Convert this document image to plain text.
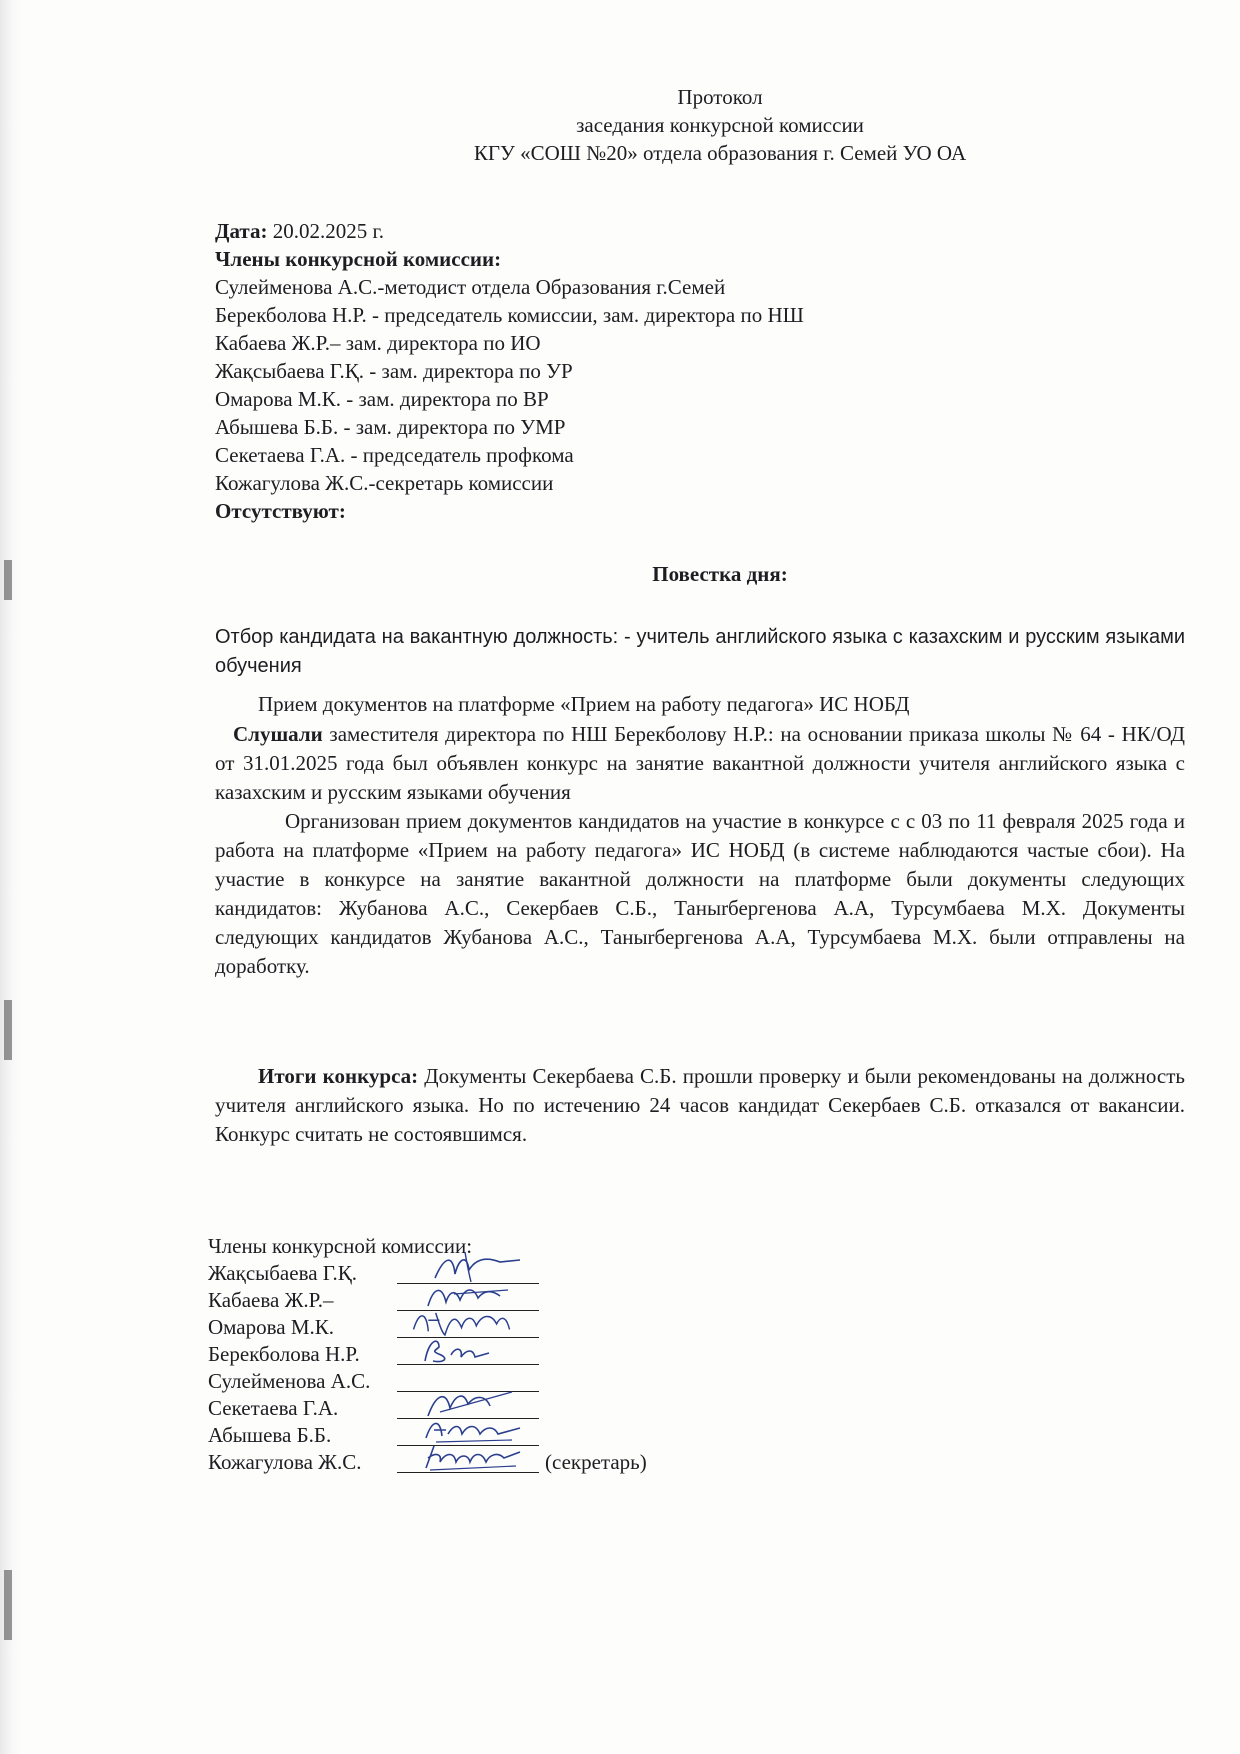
Протокол
заседания конкурсной комиссии
КГУ «СОШ №20» отдела образования г. Семей УО ОА
Дата: 20.02.2025 г.
Члены конкурсной комиссии:
Сулейменова А.С.-методист отдела Образования г.Семей
Берекболова Н.Р. - председатель комиссии, зам. директора по НШ
Кабаева Ж.Р.– зам. директора по ИО
Жақсыбаева Г.Қ. - зам. директора по УР
Омарова М.К. - зам. директора по ВР
Абышева Б.Б. - зам. директора по УМР
Секетаева Г.А. - председатель профкома
Кожагулова Ж.С.-секретарь комиссии
Отсутствуют:
Повестка дня:
Отбор кандидата на вакантную должность: - учитель английского языка с казахским и русским языками обучения
Прием документов на платформе «Прием на работу педагога» ИС НОБД
Слушали заместителя директора по НШ Берекболову Н.Р.: на основании приказа школы № 64 - НК/ОД от 31.01.2025 года был объявлен конкурс на занятие вакантной должности учителя английского языка с казахским и русским языками обучения
Организован прием документов кандидатов на участие в конкурсе с с 03 по 11 февраля 2025 года и работа на платформе «Прием на работу педагога» ИС НОБД (в системе наблюдаются частые сбои). На участие в конкурсе на занятие вакантной должности на платформе были документы следующих кандидатов: Жубанова А.С., Секербаев С.Б., Таныrбергенова А.А, Турсумбаева М.Х. Документы следующих кандидатов Жубанова А.С., Таныrбергенова А.А, Турсумбаева М.Х. были отправлены на доработку.
Итоги конкурса: Документы Секербаева С.Б. прошли проверку и были рекомендованы на должность учителя английского языка. Но по истечению 24 часов кандидат Секербаев С.Б. отказался от вакансии. Конкурс считать не состоявшимся.
Члены конкурсной комиссии:
Жақсыбаева Г.Қ.
Кабаева Ж.Р.–
Омарова М.К.
Берекболова Н.Р.
Сулейменова А.С.
Секетаева Г.А.
Абышева Б.Б.
Кожагулова Ж.С.	(секретарь)
